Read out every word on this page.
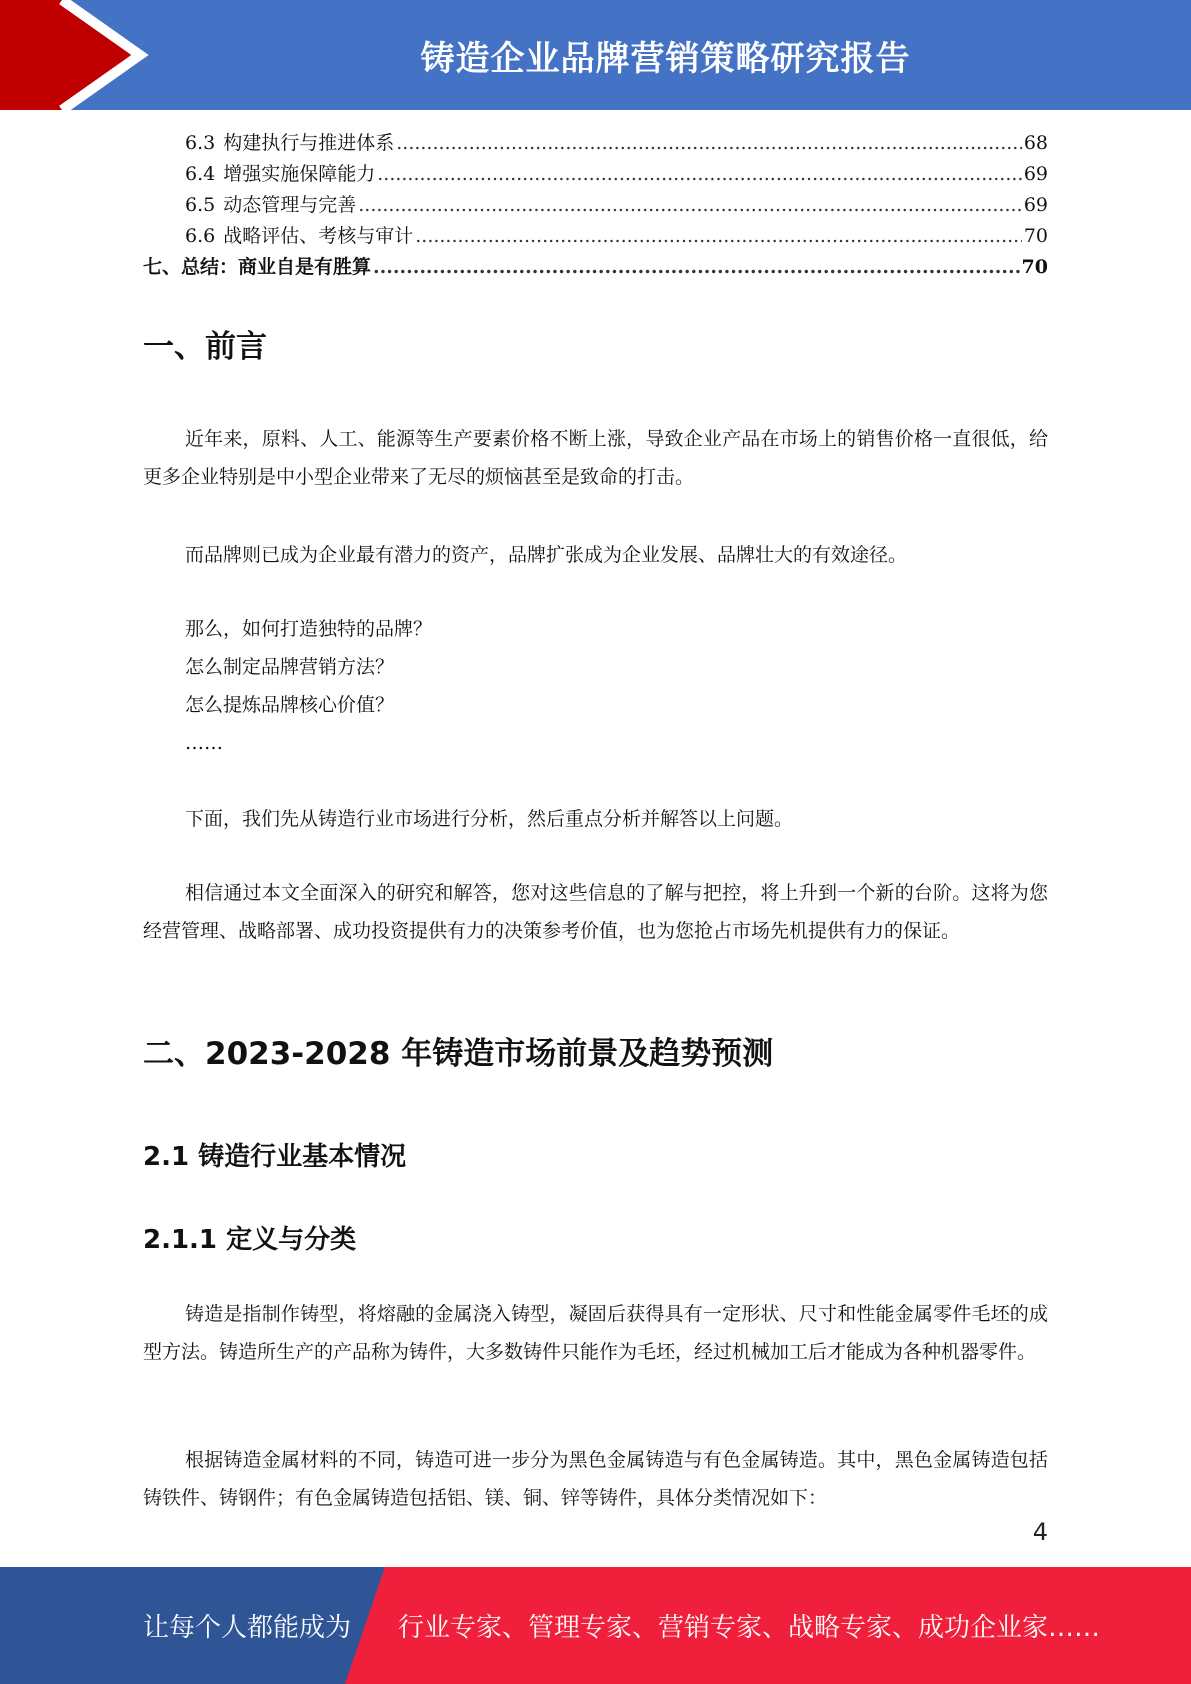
铸造企业品牌营销策略研究报告
6.3 构建执行与推进体系 .....	68
6.4 增强实施保障能力 .....	69
6.5 动态管理与完善 .....	69
6.6 战略评估、考核与审计 .....	70
七、总结：商业自是有胜算 .....	70
一、前言

近年来，原料、人工、能源等生产要素价格不断上涨，导致企业产品在市场上的销售价格一直很低，给更多企业特别是中小型企业带来了无尽的烦恼甚至是致命的打击。

而品牌则已成为企业最有潜力的资产，品牌扩张成为企业发展、品牌壮大的有效途径。

那么，如何打造独特的品牌？
怎么制定品牌营销方法？
怎么提炼品牌核心价值？
……

下面，我们先从铸造行业市场进行分析，然后重点分析并解答以上问题。

相信通过本文全面深入的研究和解答，您对这些信息的了解与把控，将上升到一个新的台阶。这将为您经营管理、战略部署、成功投资提供有力的决策参考价值，也为您抢占市场先机提供有力的保证。

二、2023-2028 年铸造市场前景及趋势预测
2.1 铸造行业基本情况
2.1.1 定义与分类

铸造是指制作铸型，将熔融的金属浇入铸型，凝固后获得具有一定形状、尺寸和性能金属零件毛坯的成型方法。铸造所生产的产品称为铸件，大多数铸件只能作为毛坯，经过机械加工后才能成为各种机器零件。

根据铸造金属材料的不同，铸造可进一步分为黑色金属铸造与有色金属铸造。其中，黑色金属铸造包括铸铁件、铸钢件；有色金属铸造包括铝、镁、铜、锌等铸件，具体分类情况如下：

4
让每个人都能成为 行业专家、管理专家、营销专家、战略专家、成功企业家……
